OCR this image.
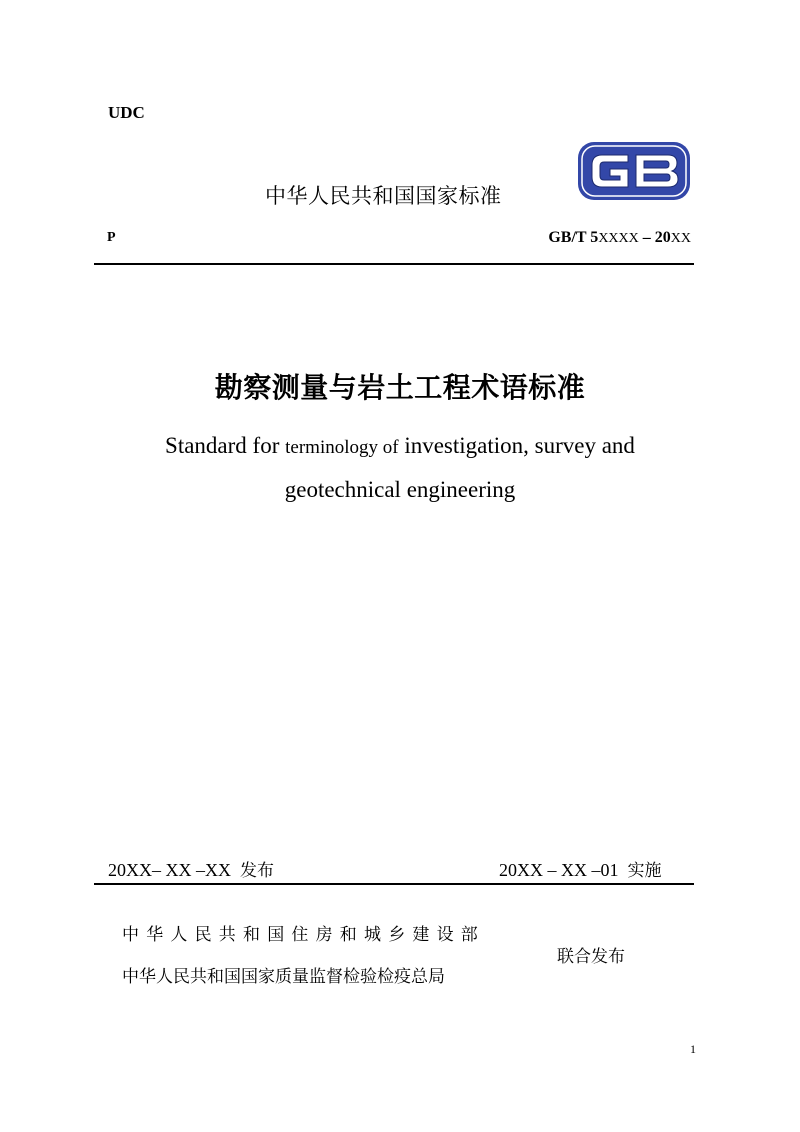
UDC
中华人民共和国国家标准
P	GB/T 5XXXX – 20XX
勘察测量与岩土工程术语标准
Standard for terminology of investigation, survey and
geotechnical engineering
20XX– XX –XX 发布	20XX – XX –01 实施
中华人民共和国住房和城乡建设部
中华人民共和国国家质量监督检验检疫总局
联合发布
1
